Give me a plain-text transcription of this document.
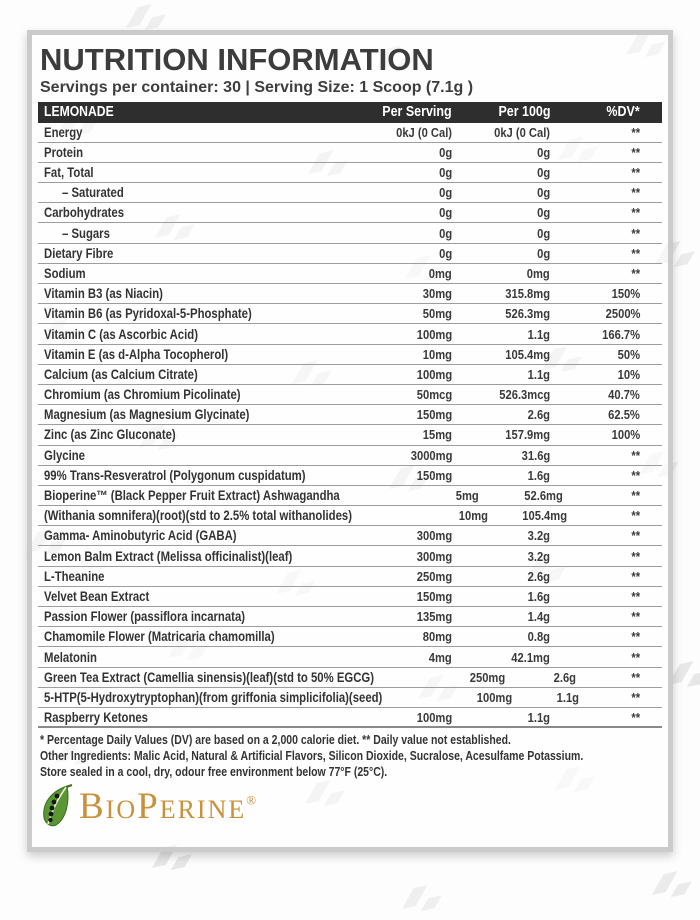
NUTRITION INFORMATION
Servings per container: 30 | Serving Size: 1 Scoop (7.1g )
LEMONADE	Per Serving	Per 100g	%DV*
Energy	0kJ (0 Cal)	0kJ (0 Cal)	**
Protein	0g	0g	**
Fat, Total	0g	0g	**
– Saturated	0g	0g	**
Carbohydrates	0g	0g	**
– Sugars	0g	0g	**
Dietary Fibre	0g	0g	**
Sodium	0mg	0mg	**
Vitamin B3 (as Niacin)	30mg	315.8mg	150%
Vitamin B6 (as Pyridoxal-5-Phosphate)	50mg	526.3mg	2500%
Vitamin C (as Ascorbic Acid)	100mg	1.1g	166.7%
Vitamin E (as d-Alpha Tocopherol)	10mg	105.4mg	50%
Calcium (as Calcium Citrate)	100mg	1.1g	10%
Chromium (as Chromium Picolinate)	50mcg	526.3mcg	40.7%
Magnesium (as Magnesium Glycinate)	150mg	2.6g	62.5%
Zinc (as Zinc Gluconate)	15mg	157.9mg	100%
Glycine	3000mg	31.6g	**
99% Trans-Resveratrol (Polygonum cuspidatum)	150mg	1.6g	**
Bioperine™ (Black Pepper Fruit Extract) Ashwagandha	5mg	52.6mg	**
(Withania somnifera)(root)(std to 2.5% total withanolides)	10mg	105.4mg	**
Gamma- Aminobutyric Acid (GABA)	300mg	3.2g	**
Lemon Balm Extract (Melissa officinalist)(leaf)	300mg	3.2g	**
L-Theanine	250mg	2.6g	**
Velvet Bean Extract	150mg	1.6g	**
Passion Flower (passiflora incarnata)	135mg	1.4g	**
Chamomile Flower (Matricaria chamomilla)	80mg	0.8g	**
Melatonin	4mg	42.1mg	**
Green Tea Extract (Camellia sinensis)(leaf)(std to 50% EGCG)	250mg	2.6g	**
5-HTP(5-Hydroxytryptophan)(from griffonia simplicifolia)(seed)	100mg	1.1g	**
Raspberry Ketones	100mg	1.1g	**
* Percentage Daily Values (DV) are based on a 2,000 calorie diet. ** Daily value not established.
Other Ingredients: Malic Acid, Natural & Artificial Flavors, Silicon Dioxide, Sucralose, Acesulfame Potassium.
Store sealed in a cool, dry, odour free environment below 77°F (25°C).
BioPerine®
